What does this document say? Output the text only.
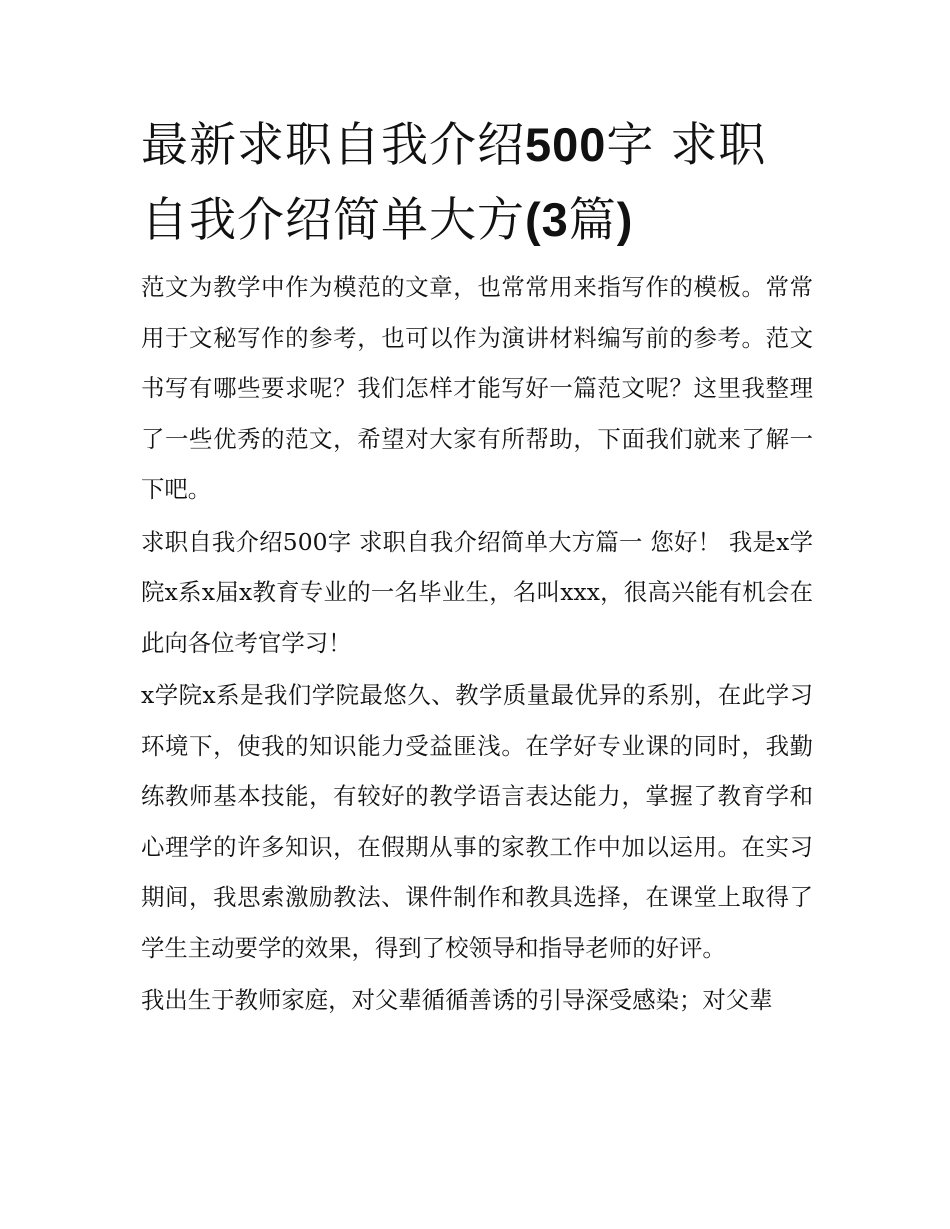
最新求职自我介绍500字 求职自我介绍简单大方(3篇)

范文为教学中作为模范的文章，也常常用来指写作的模板。常常用于文秘写作的参考，也可以作为演讲材料编写前的参考。范文书写有哪些要求呢？我们怎样才能写好一篇范文呢？这里我整理了一些优秀的范文，希望对大家有所帮助，下面我们就来了解一下吧。

求职自我介绍500字 求职自我介绍简单大方篇一 您好！ 我是x学院x系x届x教育专业的一名毕业生，名叫xxx，很高兴能有机会在此向各位考官学习！

x学院x系是我们学院最悠久、教学质量最优异的系别，在此学习环境下，使我的知识能力受益匪浅。在学好专业课的同时，我勤练教师基本技能，有较好的教学语言表达能力，掌握了教育学和心理学的许多知识，在假期从事的家教工作中加以运用。在实习期间，我思索激励教法、课件制作和教具选择，在课堂上取得了学生主动要学的效果，得到了校领导和指导老师的好评。

我出生于教师家庭，对父辈循循善诱的引导深受感染；对父辈
